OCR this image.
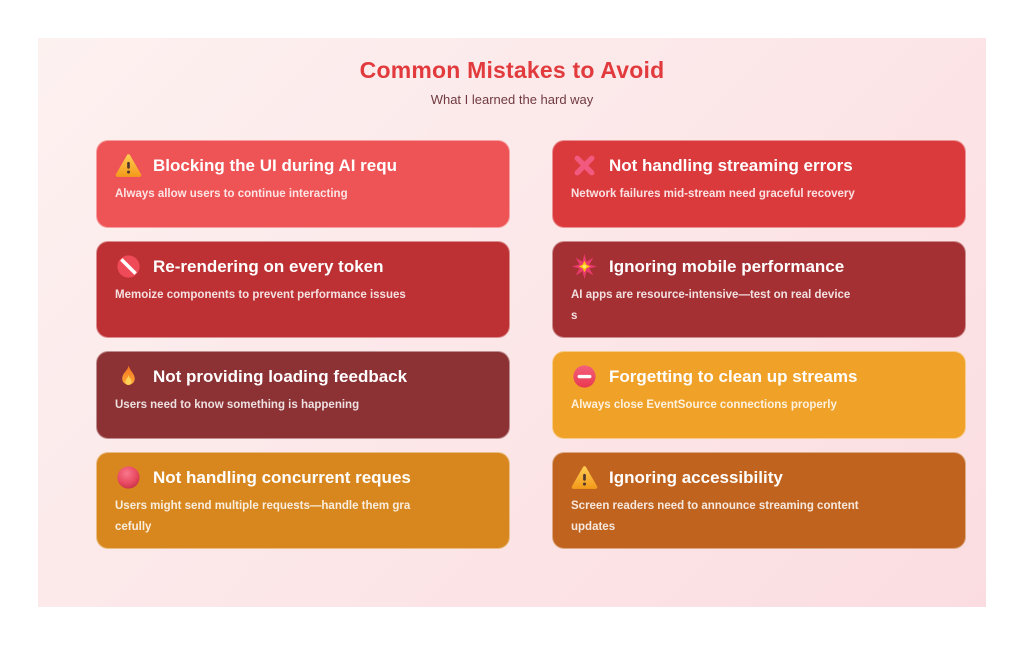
Common Mistakes to Avoid
What I learned the hard way
Blocking the UI during AI requ
Always allow users to continue interacting
Not handling streaming errors
Network failures mid-stream need graceful recovery
Re-rendering on every token
Memoize components to prevent performance issues
Ignoring mobile performance
AI apps are resource-intensive—test on real device
s
Not providing loading feedback
Users need to know something is happening
Forgetting to clean up streams
Always close EventSource connections properly
Not handling concurrent reques
Users might send multiple requests—handle them gra
cefully
Ignoring accessibility
Screen readers need to announce streaming content
updates
